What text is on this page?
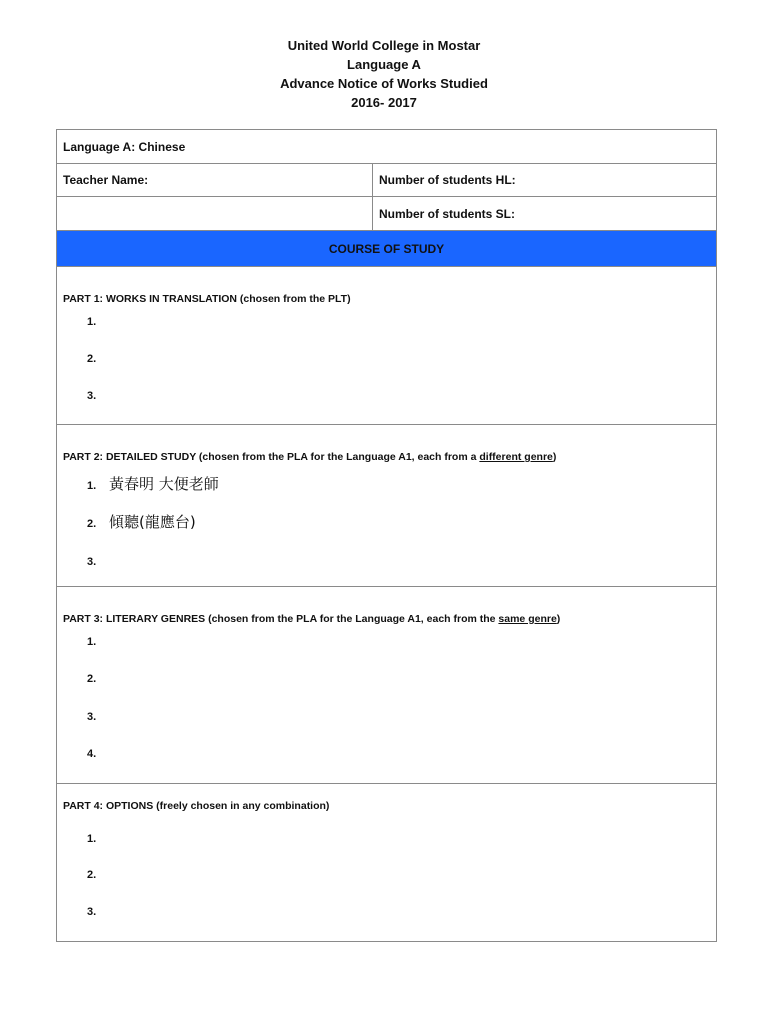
United World College in Mostar
Language A
Advance Notice of Works Studied
2016- 2017
Language A: Chinese
Teacher Name:	Number of students HL:
Number of students SL:
COURSE OF STUDY
PART 1: WORKS IN TRANSLATION (chosen from the PLT)
1.
2.
3.
PART 2: DETAILED STUDY (chosen from the PLA for the Language A1, each from a different genre)
1. 黃春明 大便老師
2. 傾聽(龍應台)
3.
PART 3: LITERARY GENRES (chosen from the PLA for the Language A1, each from the same genre)
1.
2.
3.
4.
PART 4: OPTIONS (freely chosen in any combination)
1.
2.
3.
